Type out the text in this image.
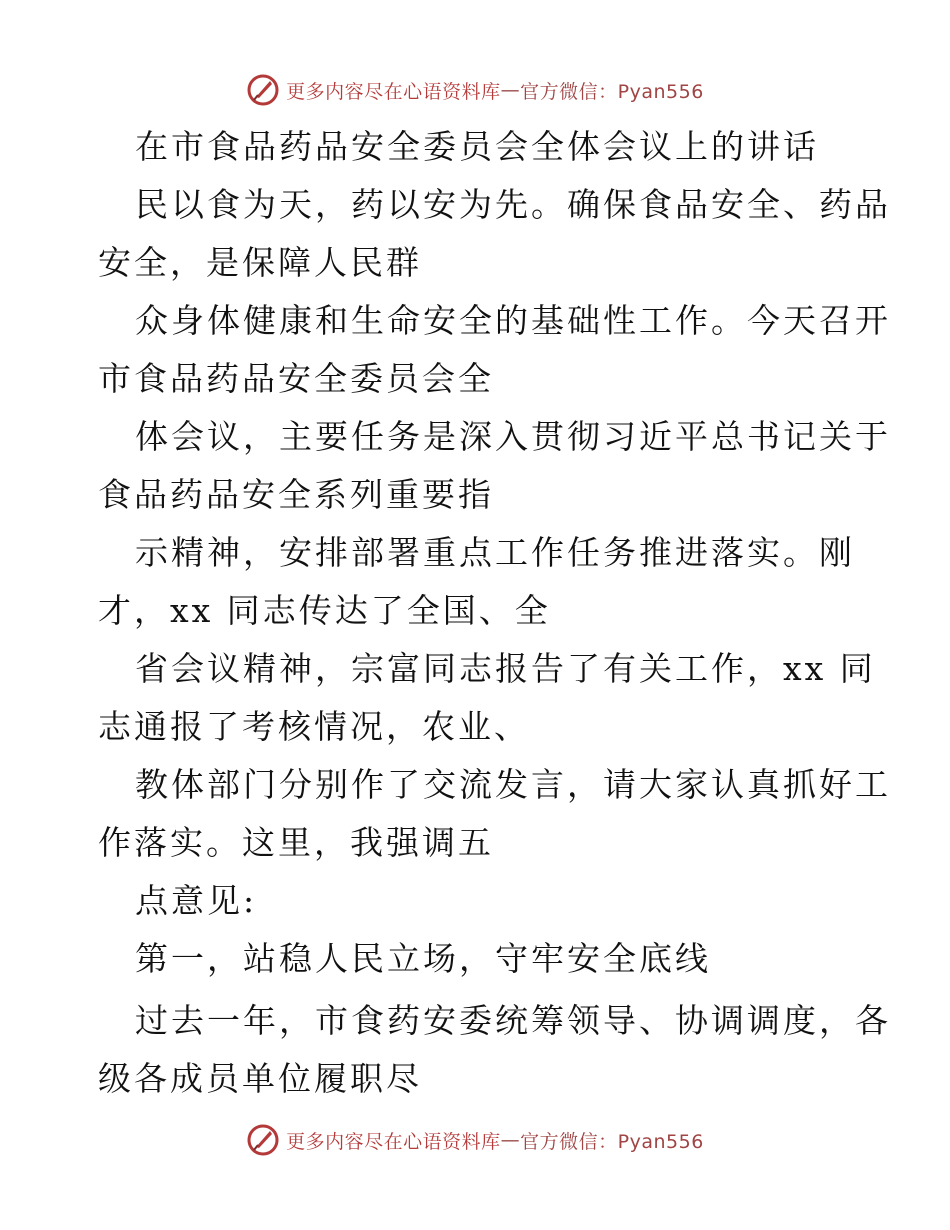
更多内容尽在心语资料库 — 官方微信：Pyan556
在市食品药品安全委员会全体会议上的讲话
民以食为天，药以安为先。确保食品安全、药品
安全，是保障人民群
众身体健康和生命安全的基础性工作。今天召开
市食品药品安全委员会全
体会议，主要任务是深入贯彻习近平总书记关于
食品药品安全系列重要指
示精神，安排部署重点工作任务推进落实。刚
才，xx 同志传达了全国、全
省会议精神，宗富同志报告了有关工作，xx 同
志通报了考核情况，农业、
教体部门分别作了交流发言，请大家认真抓好工
作落实。这里，我强调五
点意见:
第一，站稳人民立场，守牢安全底线
过去一年，市食药安委统筹领导、协调调度，各
级各成员单位履职尽
更多内容尽在心语资料库 — 官方微信：Pyan556
